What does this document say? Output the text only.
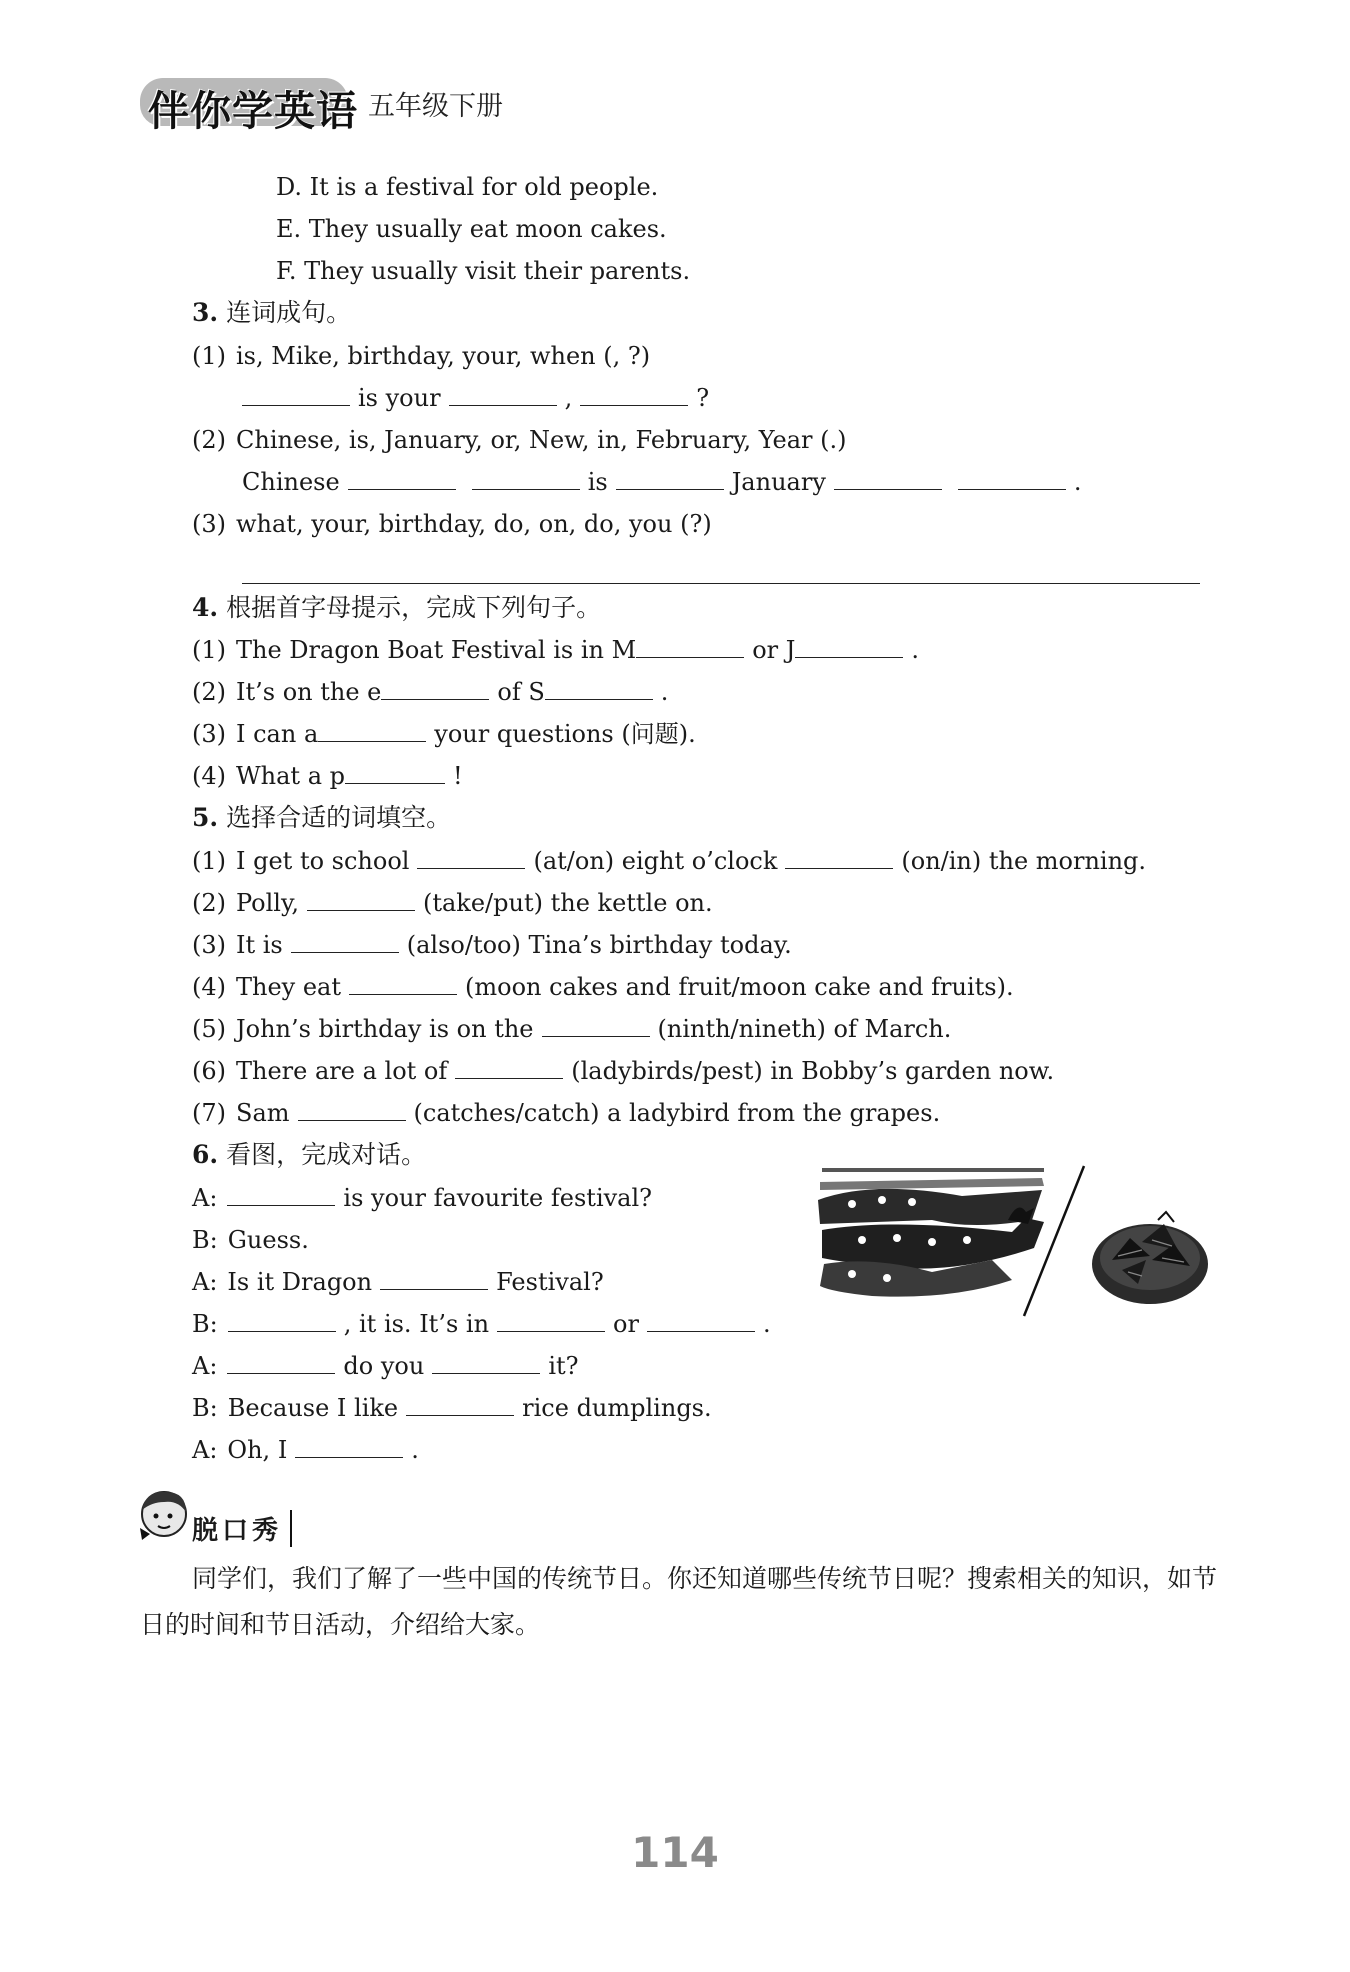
伴你学英语 五年级下册
D. It is a festival for old people.
E. They usually eat moon cakes.
F. They usually visit their parents.
3. 连词成句。
(1) is, Mike, birthday, your, when (, ?)
is your	,	?
(2) Chinese, is, January, or, New, in, February, Year (.)
Chinese	is	January	.
(3) what, your, birthday, do, on, do, you (?)
4. 根据首字母提示，完成下列句子。
(1) The Dragon Boat Festival is in M	or J	.
(2) It’s on the e	of S	.
(3) I can a	your questions (问题).
(4) What a p	!
5. 选择合适的词填空。
(1) I get to school	(at/on) eight o’clock	(on/in) the morning.
(2) Polly,	(take/put) the kettle on.
(3) It is	(also/too) Tina’s birthday today.
(4) They eat	(moon cakes and fruit/moon cake and fruits).
(5) John’s birthday is on the	(ninth/nineth) of March.
(6) There are a lot of	(ladybirds/pest) in Bobby’s garden now.
(7) Sam	(catches/catch) a ladybird from the grapes.
6. 看图，完成对话。
A:	is your favourite festival?
B: Guess.
A: Is it Dragon	Festival?
B:	, it is. It’s in	or	.
A:	do you	it?
B: Because I like	rice dumplings.
A: Oh, I	.
脱口秀
同学们，我们了解了一些中国的传统节日。你还知道哪些传统节日呢？搜索相关的知识，如节日的时间和节日活动，介绍给大家。
114
